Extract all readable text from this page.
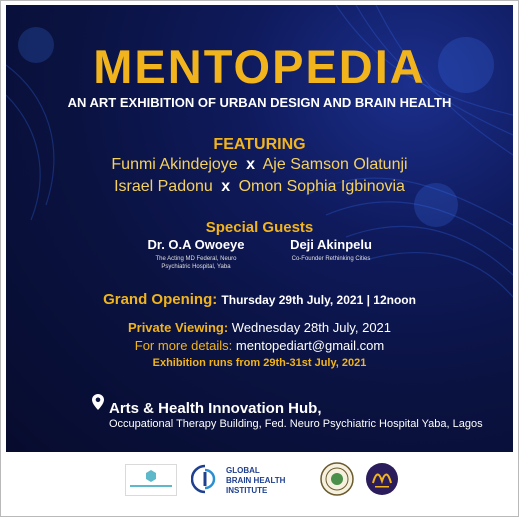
MENTOPEDIA
AN ART EXHIBITION OF URBAN DESIGN AND BRAIN HEALTH
FEATURING
Funmi Akindejoye x Aje Samson Olatunji
Israel Padonu x Omon Sophia Igbinovia
Special Guests
Dr. O.A Owoeye
The Acting MD Federal, Neuro
Psychiatric Hospital, Yaba
Deji Akinpelu
Co-Founder Rethinking Cities
Grand Opening: Thursday 29th July, 2021 | 12noon
Private Viewing: Wednesday 28th July, 2021
For more details: mentopediart@gmail.com
Exhibition runs from 29th-31st July, 2021
Arts & Health Innovation Hub,
Occupational Therapy Building, Fed. Neuro Psychiatric Hospital Yaba, Lagos
GLOBAL
BRAIN HEALTH
INSTITUTE
